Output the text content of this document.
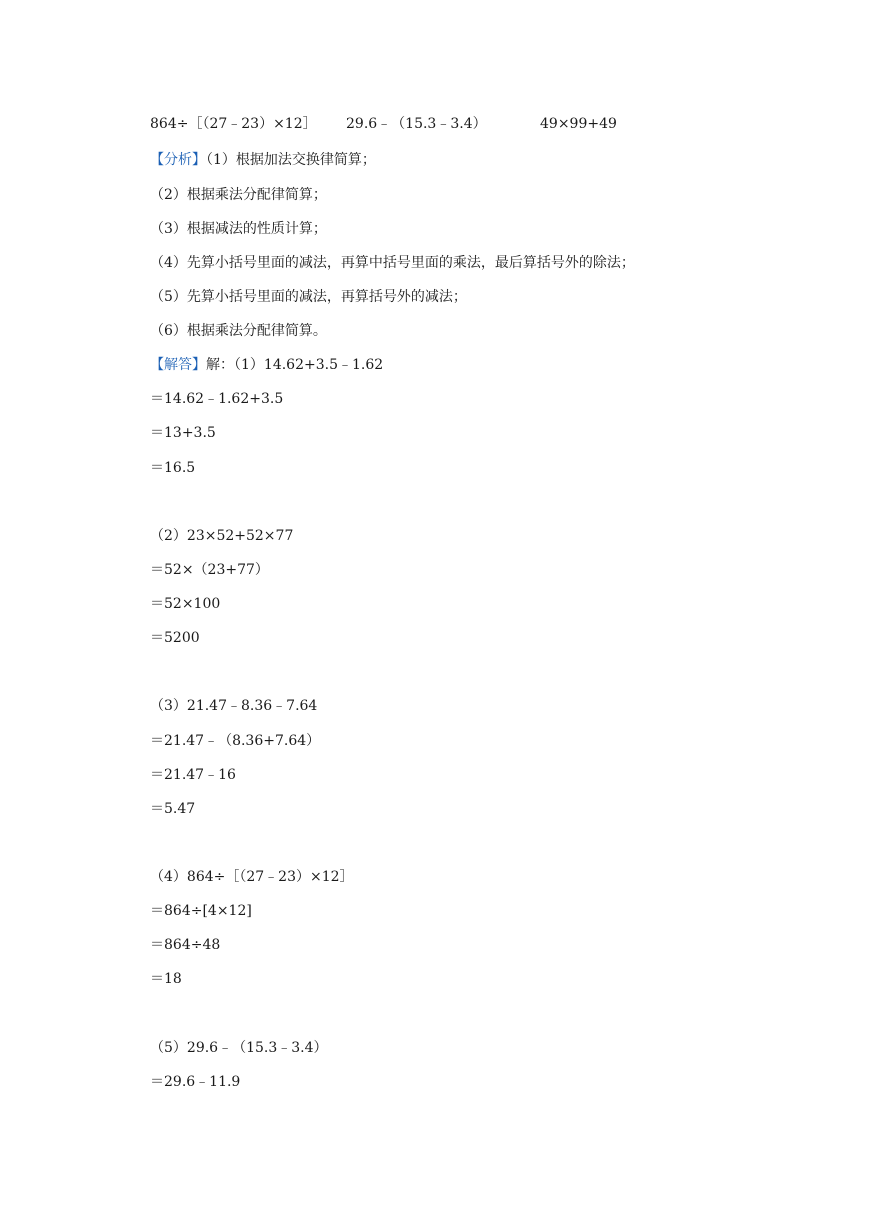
864÷［（27﹣23）×12］ 29.6﹣（15.3﹣3.4）	49×99+49
【分析】（1）根据加法交换律简算；
（2）根据乘法分配律简算；
（3）根据减法的性质计算；
（4）先算小括号里面的减法，再算中括号里面的乘法，最后算括号外的除法；
（5）先算小括号里面的减法，再算括号外的减法；
（6）根据乘法分配律简算。
【解答】解：（1）14.62+3.5﹣1.62
＝14.62﹣1.62+3.5
＝13+3.5
＝16.5
（2）23×52+52×77
＝52×（23+77）
＝52×100
＝5200
（3）21.47﹣8.36﹣7.64
＝21.47﹣（8.36+7.64）
＝21.47﹣16
＝5.47
（4）864÷［（27﹣23）×12］
＝864÷[4×12]
＝864÷48
＝18
（5）29.6﹣（15.3﹣3.4）
＝29.6﹣11.9
